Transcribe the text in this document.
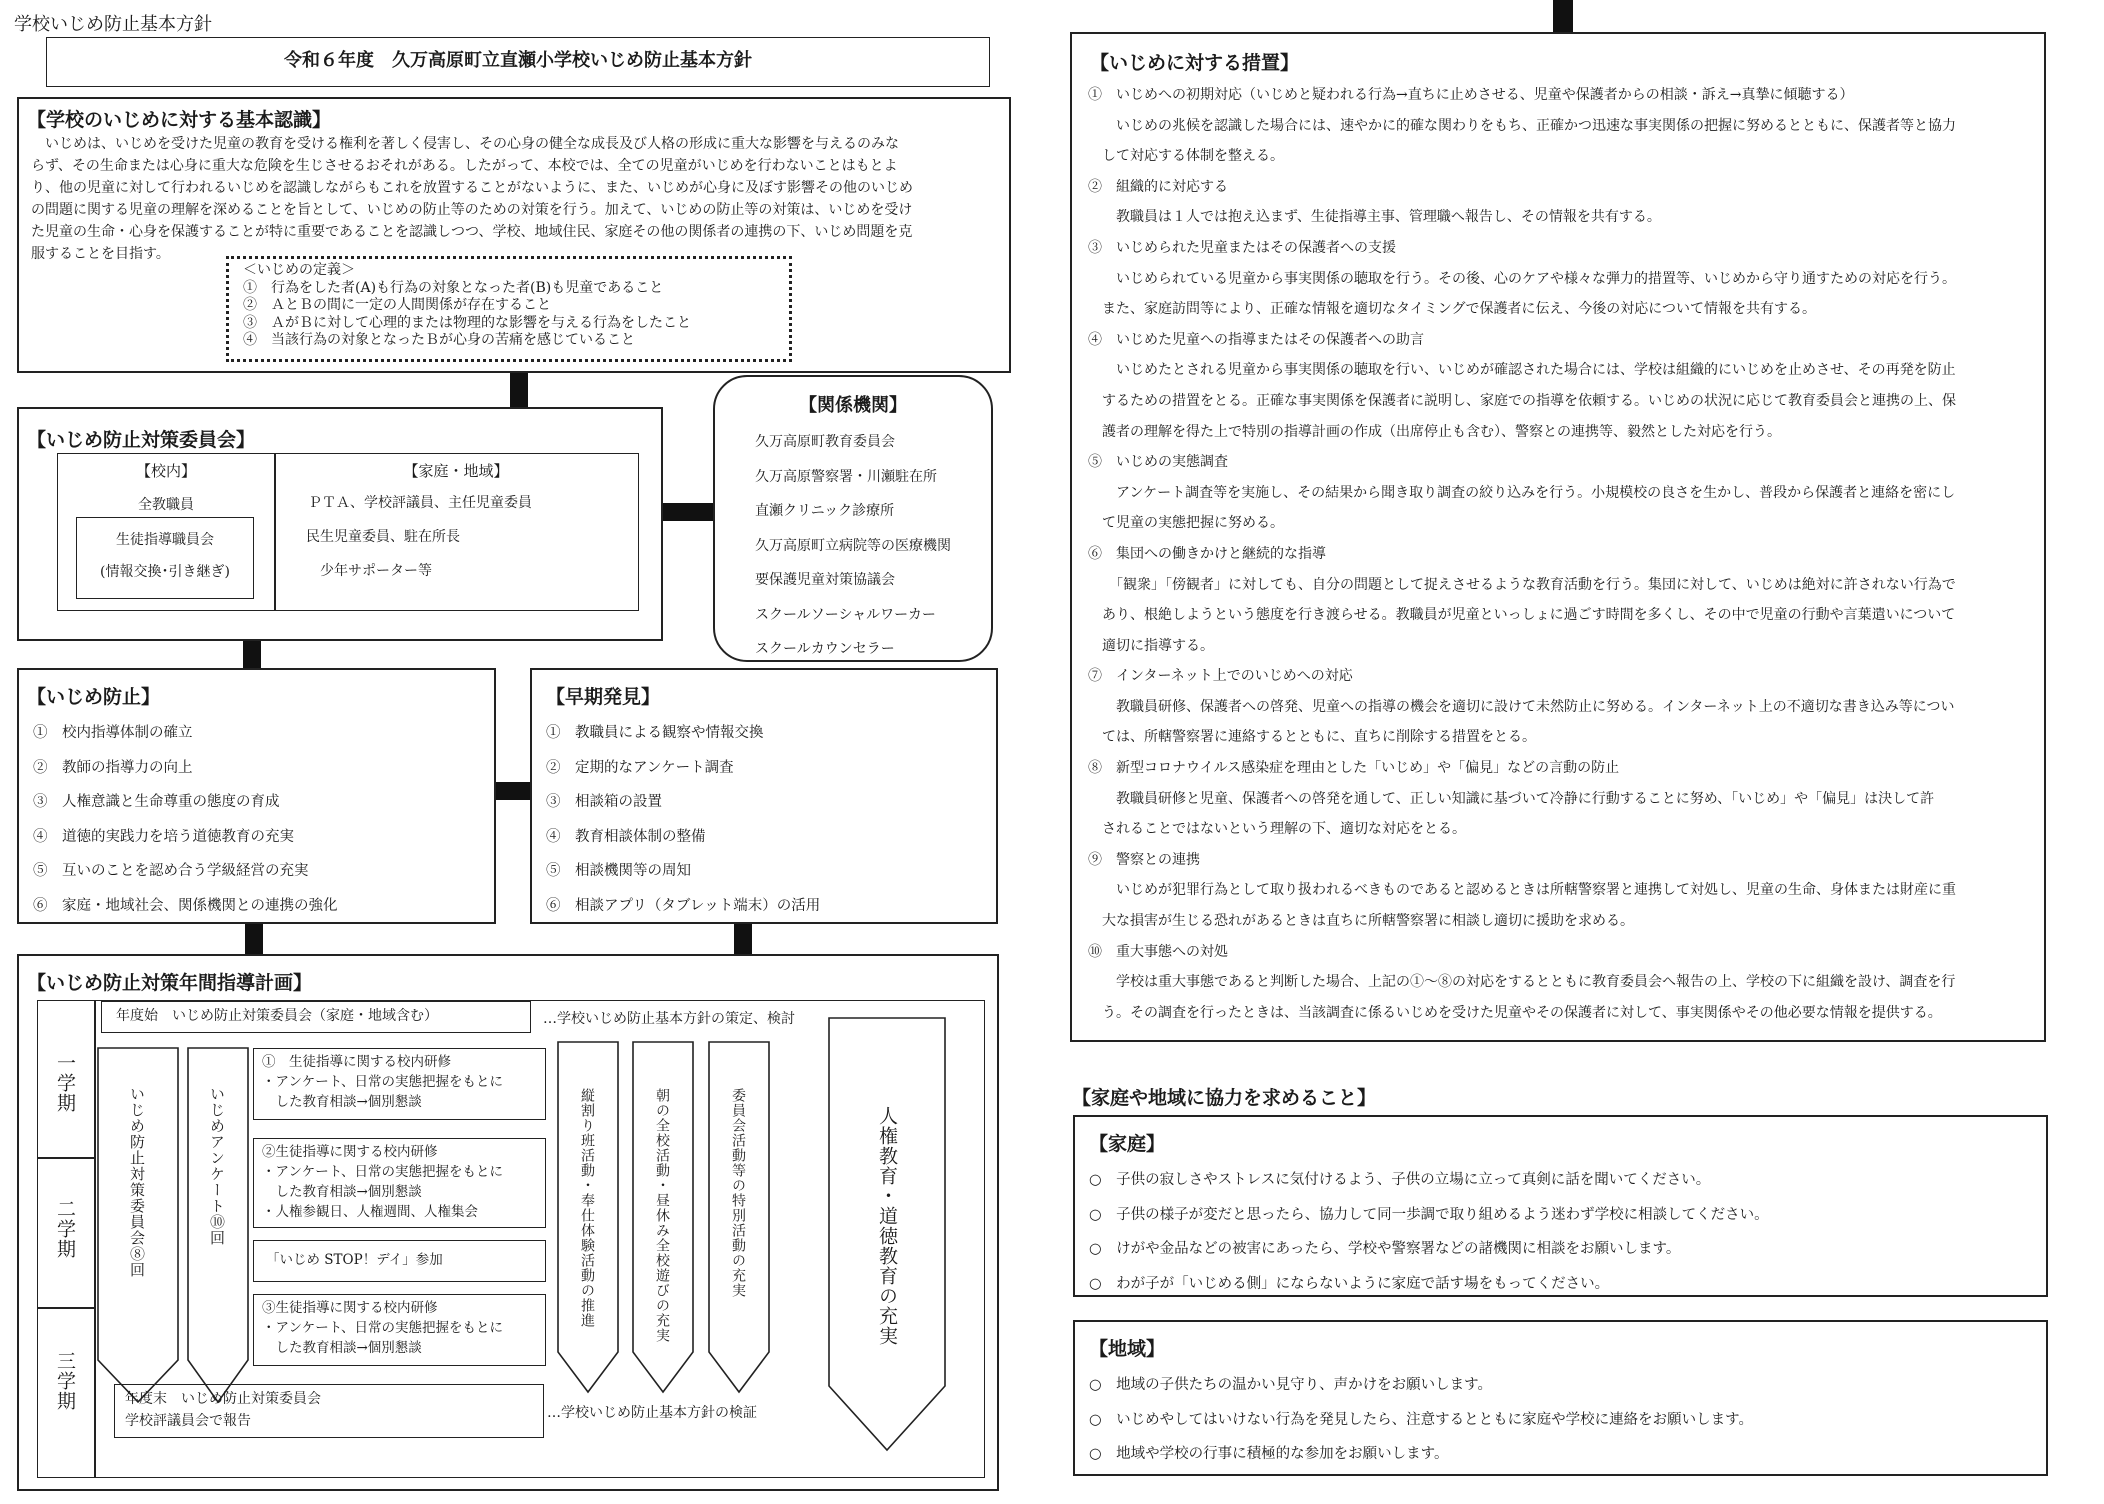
学校いじめ防止基本方針
令和６年度　久万高原町立直瀬小学校いじめ防止基本方針
【学校のいじめに対する基本認識】
　いじめは、いじめを受けた児童の教育を受ける権利を著しく侵害し、その心身の健全な成長及び人格の形成に重大な影響を与えるのみな
らず、その生命または心身に重大な危険を生じさせるおそれがある。したがって、本校では、全ての児童がいじめを行わないことはもとよ
り、他の児童に対して行われるいじめを認識しながらもこれを放置することがないように、また、いじめが心身に及ぼす影響その他のいじめ
の問題に関する児童の理解を深めることを旨として、いじめの防止等のための対策を行う。加えて、いじめの防止等の対策は、いじめを受け
た児童の生命・心身を保護することが特に重要であることを認識しつつ、学校、地域住民、家庭その他の関係者の連携の下、いじめ問題を克
服することを目指す。
＜いじめの定義＞
①　行為をした者(A)も行為の対象となった者(B)も児童であること
②　ＡとＢの間に一定の人間関係が存在すること
③　ＡがＢに対して心理的または物理的な影響を与える行為をしたこと
④　当該行為の対象となったＢが心身の苦痛を感じていること
【いじめ防止対策委員会】
【校内】
全教職員
生徒指導職員会
(情報交換･引き継ぎ)
【家庭・地域】
ＰＴＡ、学校評議員、主任児童委員
民生児童委員、駐在所長
少年サポーター等
【関係機関】
久万高原町教育委員会
久万高原警察署・川瀬駐在所
直瀬クリニック診療所
久万高原町立病院等の医療機関
要保護児童対策協議会
スクールソーシャルワーカー
スクールカウンセラー
【いじめ防止】
①　校内指導体制の確立
②　教師の指導力の向上
③　人権意識と生命尊重の態度の育成
④　道徳的実践力を培う道徳教育の充実
⑤　互いのことを認め合う学級経営の充実
⑥　家庭・地域社会、関係機関との連携の強化
【早期発見】
①　教職員による観察や情報交換
②　定期的なアンケート調査
③　相談箱の設置
④　教育相談体制の整備
⑤　相談機関等の周知
⑥　相談アプリ（タブレット端末）の活用
【いじめ防止対策年間指導計画】
一学期
二学期
三学期
年度始　いじめ防止対策委員会（家庭・地域含む）	…学校いじめ防止基本方針の策定、検討
いじめ防止対策委員会⑧回	いじめアンケート⑩回
①　生徒指導に関する校内研修
・アンケート、日常の実態把握をもとに
　した教育相談→個別懇談
②生徒指導に関する校内研修
・アンケート、日常の実態把握をもとに
　した教育相談→個別懇談
・人権参観日、人権週間、人権集会
「いじめ STOP！デイ」参加
③生徒指導に関する校内研修
・アンケート、日常の実態把握をもとに
　した教育相談→個別懇談
縦割り班活動・奉仕体験活動の推進	朝の全校活動・昼休み全校遊びの充実	委員会活動等の特別活動の充実	人権教育・道徳教育の充実
年度末　いじめ防止対策委員会
学校評議員会で報告	…学校いじめ防止基本方針の検証
【いじめに対する措置】
①　いじめへの初期対応（いじめと疑われる行為→直ちに止めさせる、児童や保護者からの相談・訴え→真摯に傾聴する）
　　いじめの兆候を認識した場合には、速やかに的確な関わりをもち、正確かつ迅速な事実関係の把握に努めるとともに、保護者等と協力
　して対応する体制を整える。
②　組織的に対応する
　　教職員は１人では抱え込まず、生徒指導主事、管理職へ報告し、その情報を共有する。
③　いじめられた児童またはその保護者への支援
　　いじめられている児童から事実関係の聴取を行う。その後、心のケアや様々な弾力的措置等、いじめから守り通すための対応を行う。
　また、家庭訪問等により、正確な情報を適切なタイミングで保護者に伝え、今後の対応について情報を共有する。
④　いじめた児童への指導またはその保護者への助言
　　いじめたとされる児童から事実関係の聴取を行い、いじめが確認された場合には、学校は組織的にいじめを止めさせ、その再発を防止
　するための措置をとる。正確な事実関係を保護者に説明し、家庭での指導を依頼する。いじめの状況に応じて教育委員会と連携の上、保
　護者の理解を得た上で特別の指導計画の作成（出席停止も含む）、警察との連携等、毅然とした対応を行う。
⑤　いじめの実態調査
　　アンケート調査等を実施し、その結果から聞き取り調査の絞り込みを行う。小規模校の良さを生かし、普段から保護者と連絡を密にし
　て児童の実態把握に努める。
⑥　集団への働きかけと継続的な指導
　　「観衆」「傍観者」に対しても、自分の問題として捉えさせるような教育活動を行う。集団に対して、いじめは絶対に許されない行為で
　あり、根絶しようという態度を行き渡らせる。教職員が児童といっしょに過ごす時間を多くし、その中で児童の行動や言葉遣いについて
　適切に指導する。
⑦　インターネット上でのいじめへの対応
　　教職員研修、保護者への啓発、児童への指導の機会を適切に設けて未然防止に努める。インターネット上の不適切な書き込み等につい
　ては、所轄警察署に連絡するとともに、直ちに削除する措置をとる。
⑧　新型コロナウイルス感染症を理由とした「いじめ」や「偏見」などの言動の防止
　　教職員研修と児童、保護者への啓発を通して、正しい知識に基づいて冷静に行動することに努め、「いじめ」や「偏見」は決して許
　されることではないという理解の下、適切な対応をとる。
⑨　警察との連携
　　いじめが犯罪行為として取り扱われるべきものであると認めるときは所轄警察署と連携して対処し、児童の生命、身体または財産に重
　大な損害が生じる恐れがあるときは直ちに所轄警察署に相談し適切に援助を求める。
⑩　重大事態への対処
　　学校は重大事態であると判断した場合、上記の①～⑧の対応をするとともに教育委員会へ報告の上、学校の下に組織を設け、調査を行
　う。その調査を行ったときは、当該調査に係るいじめを受けた児童やその保護者に対して、事実関係やその他必要な情報を提供する。
【家庭や地域に協力を求めること】
【家庭】
○　子供の寂しさやストレスに気付けるよう、子供の立場に立って真剣に話を聞いてください。
○　子供の様子が変だと思ったら、協力して同一歩調で取り組めるよう迷わず学校に相談してください。
○　けがや金品などの被害にあったら、学校や警察署などの諸機関に相談をお願いします。
○　わが子が「いじめる側」にならないように家庭で話す場をもってください。
【地域】
○　地域の子供たちの温かい見守り、声かけをお願いします。
○　いじめやしてはいけない行為を発見したら、注意するとともに家庭や学校に連絡をお願いします。
○　地域や学校の行事に積極的な参加をお願いします。
